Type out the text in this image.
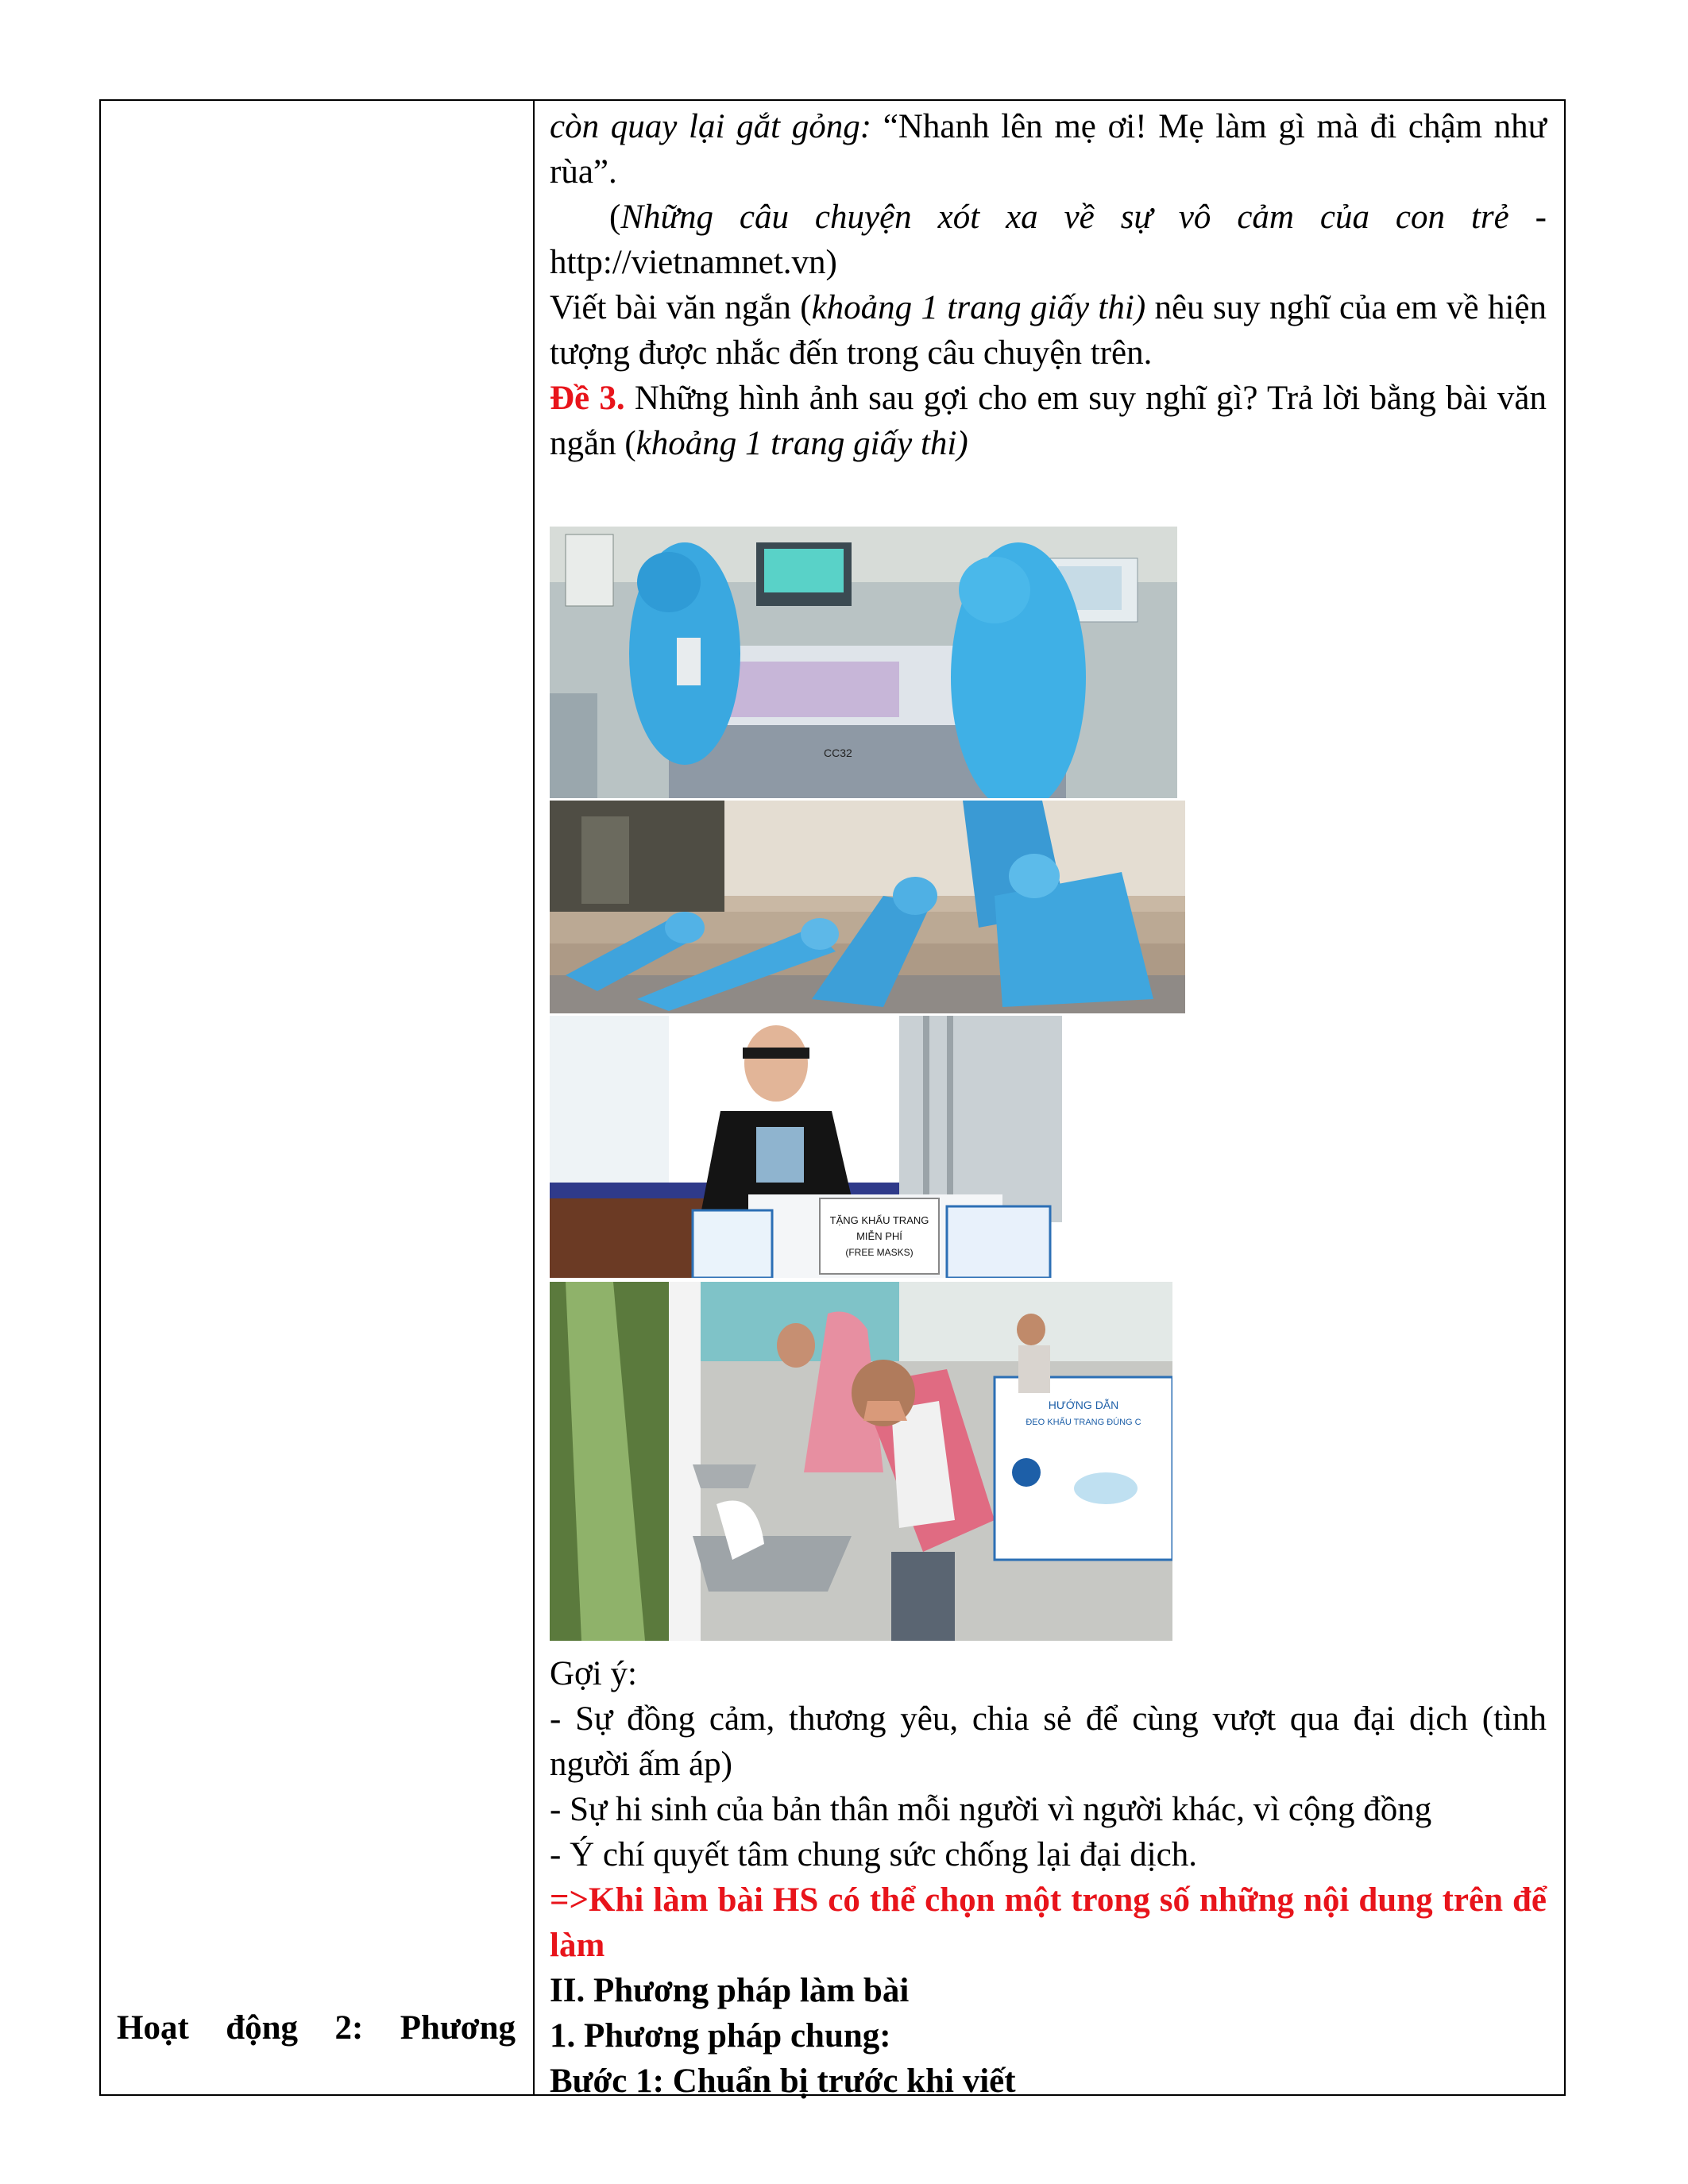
Hoạt động 2: Phương

còn quay lại gắt gỏng: “Nhanh lên mẹ ơi! Mẹ làm gì mà đi chậm như rùa”.

(Những câu chuyện xót xa về sự vô cảm của con trẻ - http://vietnamnet.vn)

Viết bài văn ngắn (khoảng 1 trang giấy thi) nêu suy nghĩ của em về hiện tượng được nhắc đến trong câu chuyện trên.

Đề 3. Những hình ảnh sau gợi cho em suy nghĩ gì? Trả lời bằng bài văn ngắn (khoảng 1 trang giấy thi)

CC32
TẶNG KHẨU TRANG
MIỄN PHÍ
(FREE MASKS)
HƯỚNG DẪN
ĐEO KHẨU TRANG ĐÚNG C

Gợi ý:

- Sự đồng cảm, thương yêu, chia sẻ để cùng vượt qua đại dịch (tình người ấm áp)

- Sự hi sinh của bản thân mỗi người vì người khác, vì cộng đồng

- Ý chí quyết tâm chung sức chống lại đại dịch.

=>Khi làm bài HS có thể chọn một trong số những nội dung trên để làm

II. Phương pháp làm bài

1. Phương pháp chung:

Bước 1: Chuẩn bị trước khi viết
